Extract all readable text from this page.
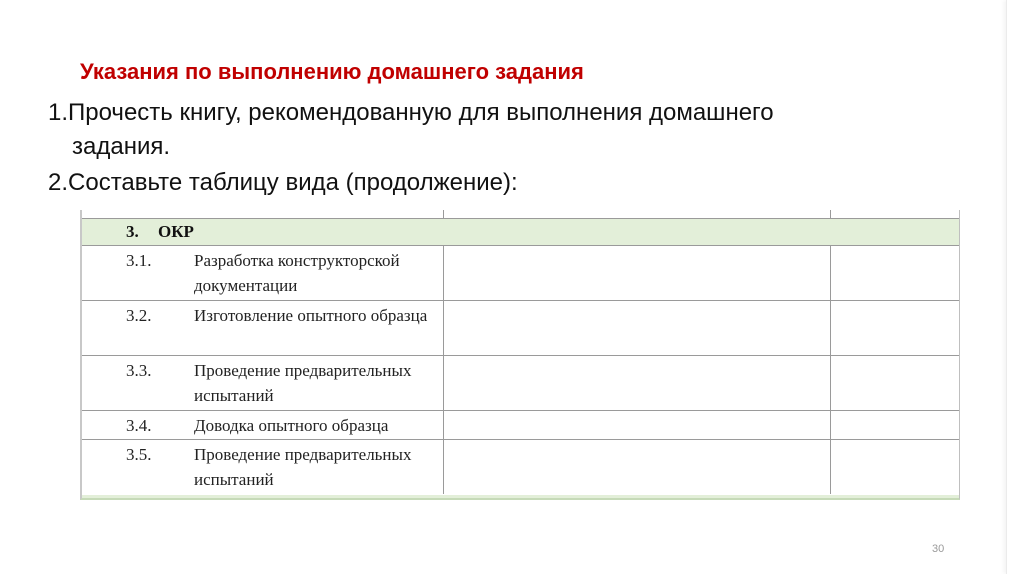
Указания по выполнению домашнего задания
1.Прочесть книгу, рекомендованную для выполнения домашнего
задания.
2.Составьте таблицу вида (продолжение):
3. ОКР
3.1.	Разработка конструкторской документации
3.2.	Изготовление опытного образца
3.3.	Проведение предварительных испытаний
3.4.	Доводка опытного образца
3.5.	Проведение предварительных испытаний
30
